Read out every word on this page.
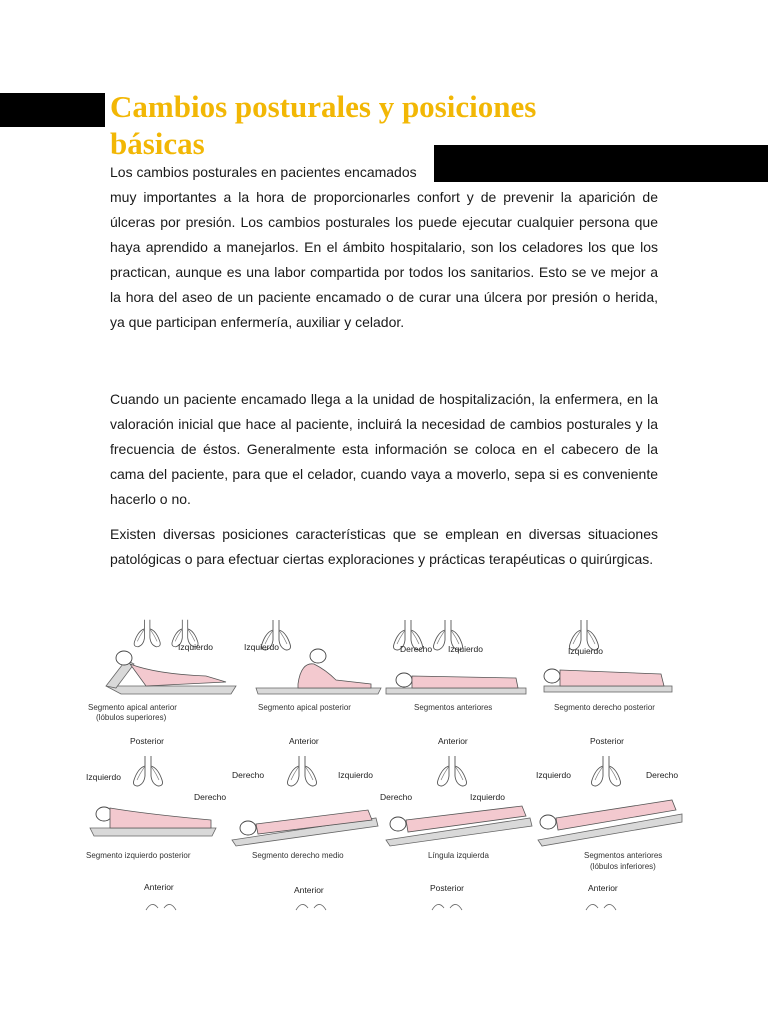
Cambios posturales y posiciones básicas

Los cambios posturales en pacientes encamados

muy importantes a la hora de proporcionarles confort y de prevenir la aparición de úlceras por presión. Los cambios posturales los puede ejecutar cualquier persona que haya aprendido a manejarlos. En el ámbito hospitalario, son los celadores los que los practican, aunque es una labor compartida por todos los sanitarios. Esto se ve mejor a la hora del aseo de un paciente encamado o de curar una úlcera por presión o herida, ya que participan enfermería, auxiliar y celador.

Cuando un paciente encamado llega a la unidad de hospitalización, la enfermera, en la valoración inicial que hace al paciente, incluirá la necesidad de cambios posturales y la frecuencia de éstos. Generalmente esta información se coloca en el cabecero de la cama del paciente, para que el celador, cuando vaya a moverlo, sepa si es conveniente hacerlo o no.

Existen diversas posiciones características que se emplean en diversas situaciones patológicas o para efectuar ciertas exploraciones y prácticas terapéuticas o quirúrgicas.

Izquierdo
Segmento apical anterior
(lóbulos superiores)
Izquierdo
Segmento apical posterior
Derecho Izquierdo
Segmentos anteriores
Izquierdo
Segmento derecho posterior
Posterior
Izquierdo
Derecho
Segmento izquierdo posterior
Anterior
Derecho	Izquierdo
Segmento derecho medio
Anterior
Derecho	Izquierdo
Língula izquierda
Posterior
Izquierdo	Derecho
Segmentos anteriores
(lóbulos inferiores)
Anterior	Anterior	Posterior	Anterior
